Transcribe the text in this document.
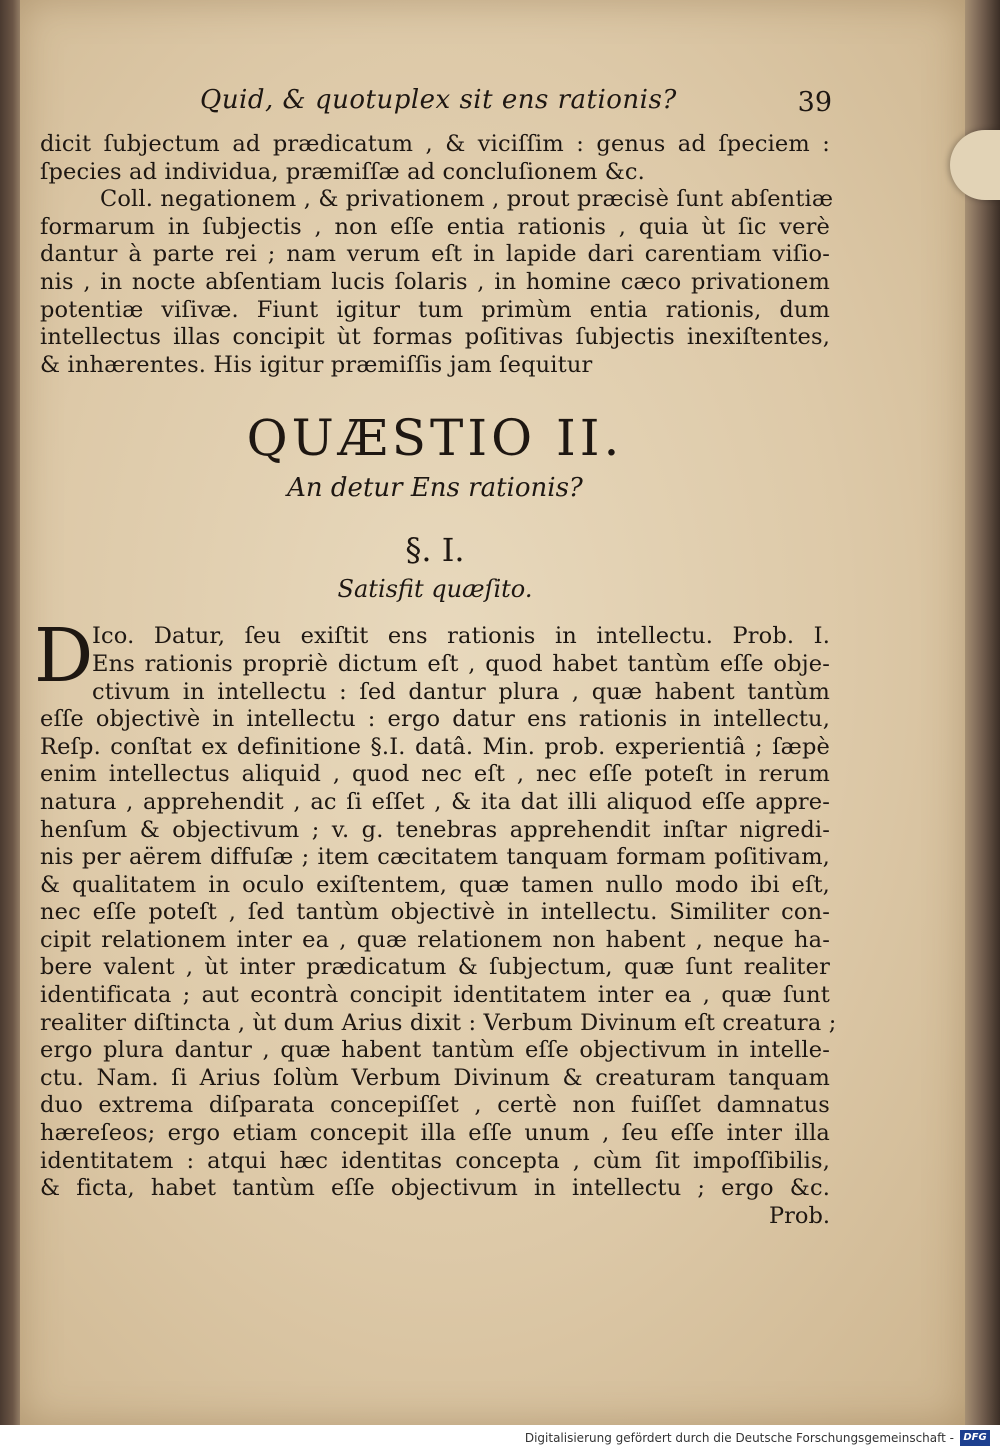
Quid, & quotuplex sit ens rationis?	39
dicit ſubjectum ad prædicatum , & viciſſim : genus ad ſpeciem :
ſpecies ad individua, præmiſſæ ad concluſionem &c.
Coll. negationem , & privationem , prout præcisè ſunt abſentiæ
formarum in ſubjectis , non eſſe entia rationis , quia ùt ſic verè
dantur à parte rei ; nam verum eſt in lapide dari carentiam viſio-
nis , in nocte abſentiam lucis ſolaris , in homine cæco privationem
potentiæ viſivæ. Fiunt igitur tum primùm entia rationis, dum
intellectus illas concipit ùt formas poſitivas ſubjectis inexiſtentes,
& inhærentes. His igitur præmiſſis jam ſequitur
QUÆSTIO II.
An detur Ens rationis?
§. I.
Satisfit quæſito.
D
Ico. Datur, ſeu exiſtit ens rationis in intellectu. Prob. I.
Ens rationis propriè dictum eſt , quod habet tantùm eſſe obje-
ctivum in intellectu : ſed dantur plura , quæ habent tantùm
eſſe objectivè in intellectu : ergo datur ens rationis in intellectu,
Reſp. conſtat ex definitione §.I. datâ. Min. prob. experientiâ ; ſæpè
enim intellectus aliquid , quod nec eſt , nec eſſe poteſt in rerum
natura , apprehendit , ac ſi eſſet , & ita dat illi aliquod eſſe appre-
henſum & objectivum ; v. g. tenebras apprehendit inſtar nigredi-
nis per aërem diffuſæ ; item cæcitatem tanquam formam poſitivam,
& qualitatem in oculo exiſtentem, quæ tamen nullo modo ibi eſt,
nec eſſe poteſt , ſed tantùm objectivè in intellectu. Similiter con-
cipit relationem inter ea , quæ relationem non habent , neque ha-
bere valent , ùt inter prædicatum & ſubjectum, quæ ſunt realiter
identificata ; aut econtrà concipit identitatem inter ea , quæ ſunt
realiter diſtincta , ùt dum Arius dixit : Verbum Divinum eſt creatura ;
ergo plura dantur , quæ habent tantùm eſſe objectivum in intelle-
ctu. Nam. ſi Arius ſolùm Verbum Divinum & creaturam tanquam
duo extrema diſparata concepiſſet , certè non fuiſſet damnatus
hæreſeos; ergo etiam concepit illa eſſe unum , ſeu eſſe inter illa
identitatem : atqui hæc identitas concepta , cùm ſit impoſſibilis,
& ficta, habet tantùm eſſe objectivum in intellectu ; ergo &c.
Prob.
Digitalisierung gefördert durch die Deutsche Forschungsgemeinschaft - DFG
